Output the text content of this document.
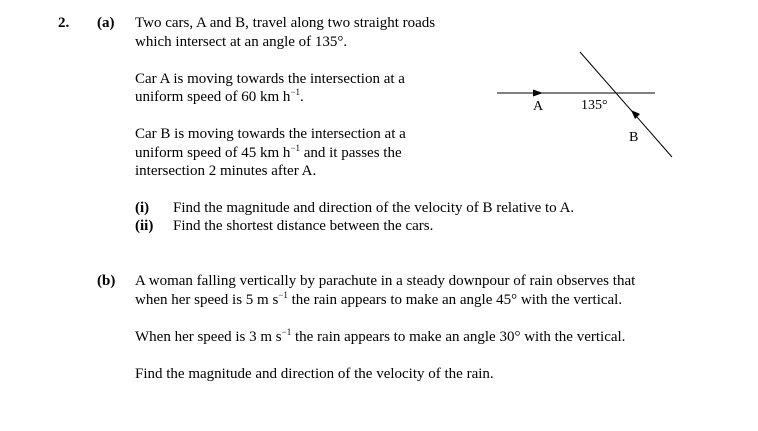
2. (a) Two cars, A and B, travel along two straight roads
which intersect at an angle of 135°.
Car A is moving towards the intersection at a
uniform speed of 60 km $h^{-1}$.
Car B is moving towards the intersection at a
uniform speed of 45 km $h^{-1}$ and it passes the
intersection 2 minutes after A.
(i) Find the magnitude and direction of the velocity of B relative to A.
(ii) Find the shortest distance between the cars.
A	135°
B
(b) A woman falling vertically by parachute in a steady downpour of rain observes that
when her speed is 5 m $s^{-1}$ the rain appears to make an angle 45° with the vertical.
When her speed is 3 m $s^{-1}$ the rain appears to make an angle 30° with the vertical.
Find the magnitude and direction of the velocity of the rain.
